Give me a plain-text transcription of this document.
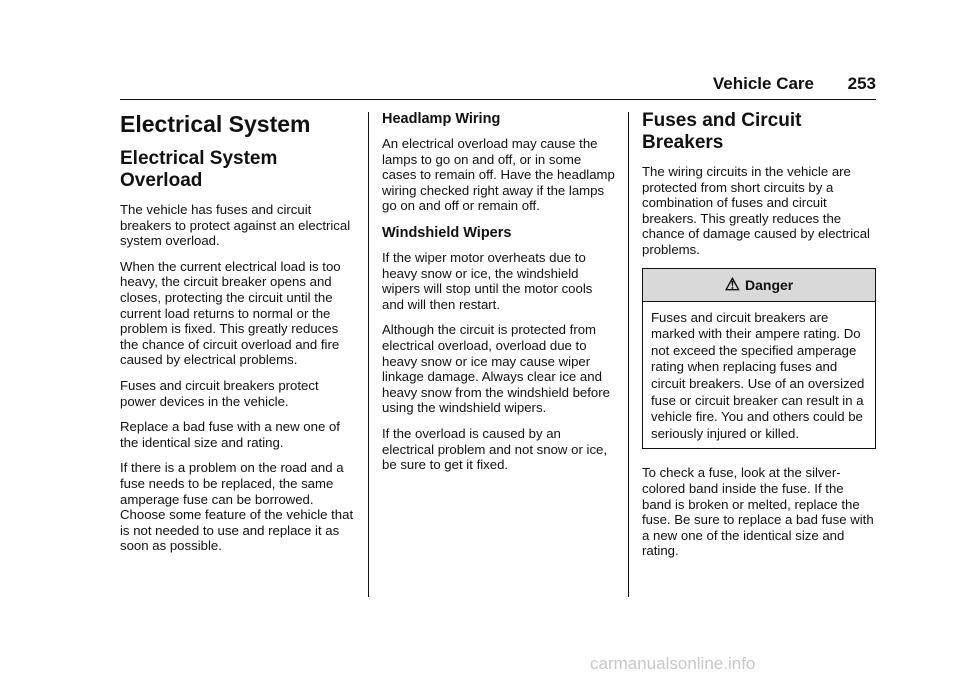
Vehicle Care 253
Electrical System
Electrical System Overload

The vehicle has fuses and circuit breakers to protect against an electrical system overload.

When the current electrical load is too heavy, the circuit breaker opens and closes, protecting the circuit until the current load returns to normal or the problem is fixed. This greatly reduces the chance of circuit overload and fire caused by electrical problems.

Fuses and circuit breakers protect power devices in the vehicle.

Replace a bad fuse with a new one of the identical size and rating.

If there is a problem on the road and a fuse needs to be replaced, the same amperage fuse can be borrowed. Choose some feature of the vehicle that is not needed to use and replace it as soon as possible.

Headlamp Wiring

An electrical overload may cause the lamps to go on and off, or in some cases to remain off. Have the headlamp wiring checked right away if the lamps go on and off or remain off.

Windshield Wipers

If the wiper motor overheats due to heavy snow or ice, the windshield wipers will stop until the motor cools and will then restart.

Although the circuit is protected from electrical overload, overload due to heavy snow or ice may cause wiper linkage damage. Always clear ice and heavy snow from the windshield before using the windshield wipers.

If the overload is caused by an electrical problem and not snow or ice, be sure to get it fixed.

Fuses and Circuit Breakers

The wiring circuits in the vehicle are protected from short circuits by a combination of fuses and circuit breakers. This greatly reduces the chance of damage caused by electrical problems.

⚠ Danger
Fuses and circuit breakers are marked with their ampere rating. Do not exceed the specified amperage rating when replacing fuses and circuit breakers. Use of an oversized fuse or circuit breaker can result in a vehicle fire. You and others could be seriously injured or killed.

To check a fuse, look at the silver-colored band inside the fuse. If the band is broken or melted, replace the fuse. Be sure to replace a bad fuse with a new one of the identical size and rating.

carmanualsonline.info
